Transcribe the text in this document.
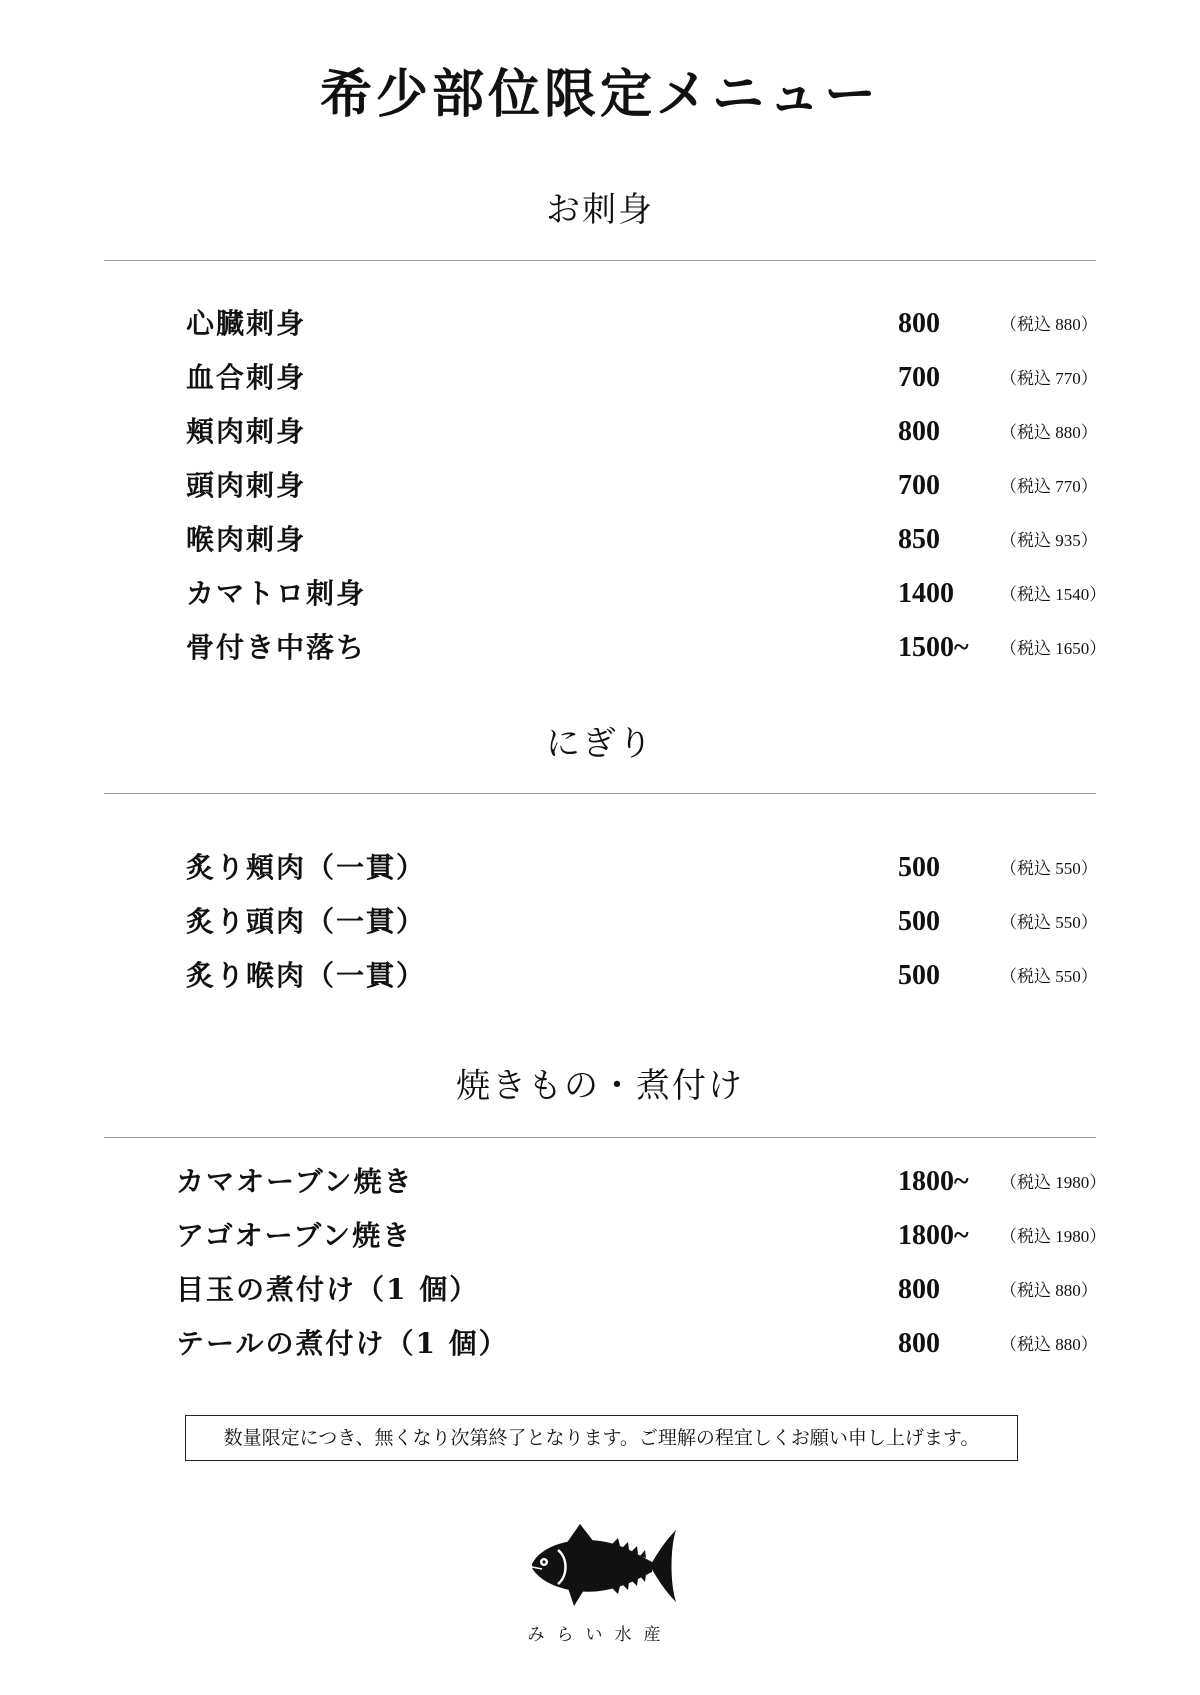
希少部位限定メニュー
お刺身
心臓刺身	800	（税込 880）
血合刺身	700	（税込 770）
頬肉刺身	800	（税込 880）
頭肉刺身	700	（税込 770）
喉肉刺身	850	（税込 935）
カマトロ刺身	1400	（税込 1540）
骨付き中落ち	1500~ （税込 1650）
にぎり
炙り頬肉（一貫）	500	（税込 550）
炙り頭肉（一貫）	500	（税込 550）
炙り喉肉（一貫）	500	（税込 550）
焼きもの・煮付け
カマオーブン焼き	1800~ （税込 1980）
アゴオーブン焼き	1800~ （税込 1980）
目玉の煮付け（1 個）	800	（税込 880）
テールの煮付け（1 個）	800	（税込 880）
数量限定につき、無くなり次第終了となります。ご理解の程宜しくお願い申し上げます。
みらい水産
